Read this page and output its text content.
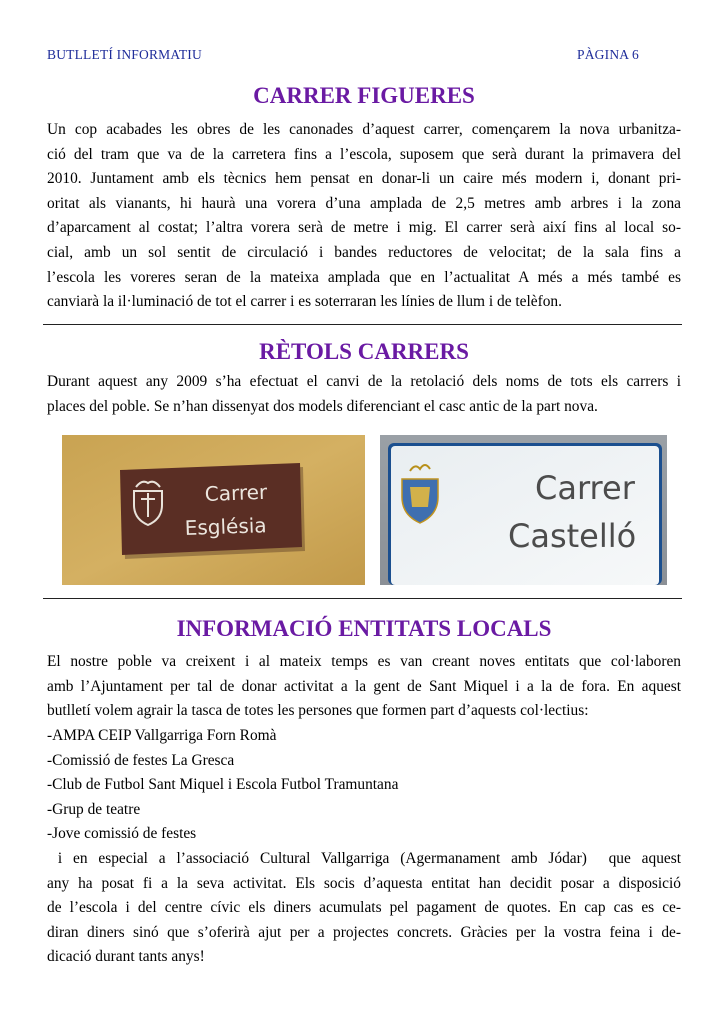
BUTLLETÍ INFORMATIU	PÀGINA 6
CARRER FIGUERES
Un cop acabades les obres de les canonades d’aquest carrer, començarem la nova urbanitza-
ció del tram que va de la carretera fins a l’escola, suposem que serà durant la primavera del
2010. Juntament amb els tècnics hem pensat en donar-li un caire més modern i, donant pri-
oritat als vianants, hi haurà una vorera d’una amplada de 2,5 metres amb arbres i la zona
d’aparcament al costat; l’altra vorera serà de metre i mig. El carrer serà així fins al local so-
cial, amb un sol sentit de circulació i bandes reductores de velocitat; de la sala fins a
l’escola les voreres seran de la mateixa amplada que en l’actualitat A més a més també es
canviarà la il·luminació de tot el carrer i es soterraran les línies de llum i de telèfon.
RÈTOLS CARRERS
Durant aquest any 2009 s’ha efectuat el canvi de la retolació dels noms de tots els carrers i
places del poble. Se n’han dissenyat dos models diferenciant el casc antic de la part nova.
Carrer
Església
Carrer
Castelló
INFORMACIÓ ENTITATS LOCALS
El nostre poble va creixent i al mateix temps es van creant noves entitats que col·laboren
amb l’Ajuntament per tal de donar activitat a la gent de Sant Miquel i a la de fora. En aquest
butlletí volem agrair la tasca de totes les persones que formen part d’aquests col·lectius:
-AMPA CEIP Vallgarriga Forn Romà
-Comissió de festes La Gresca
-Club de Futbol Sant Miquel i Escola Futbol Tramuntana
-Grup de teatre
-Jove comissió de festes
i en especial a l’associació Cultural Vallgarriga (Agermanament amb Jódar)  que aquest
any ha posat fi a la seva activitat. Els socis d’aquesta entitat han decidit posar a disposició
de l’escola i del centre cívic els diners acumulats pel pagament de quotes. En cap cas es ce-
diran diners sinó que s’oferirà ajut per a projectes concrets. Gràcies per la vostra feina i de-
dicació durant tants anys!
